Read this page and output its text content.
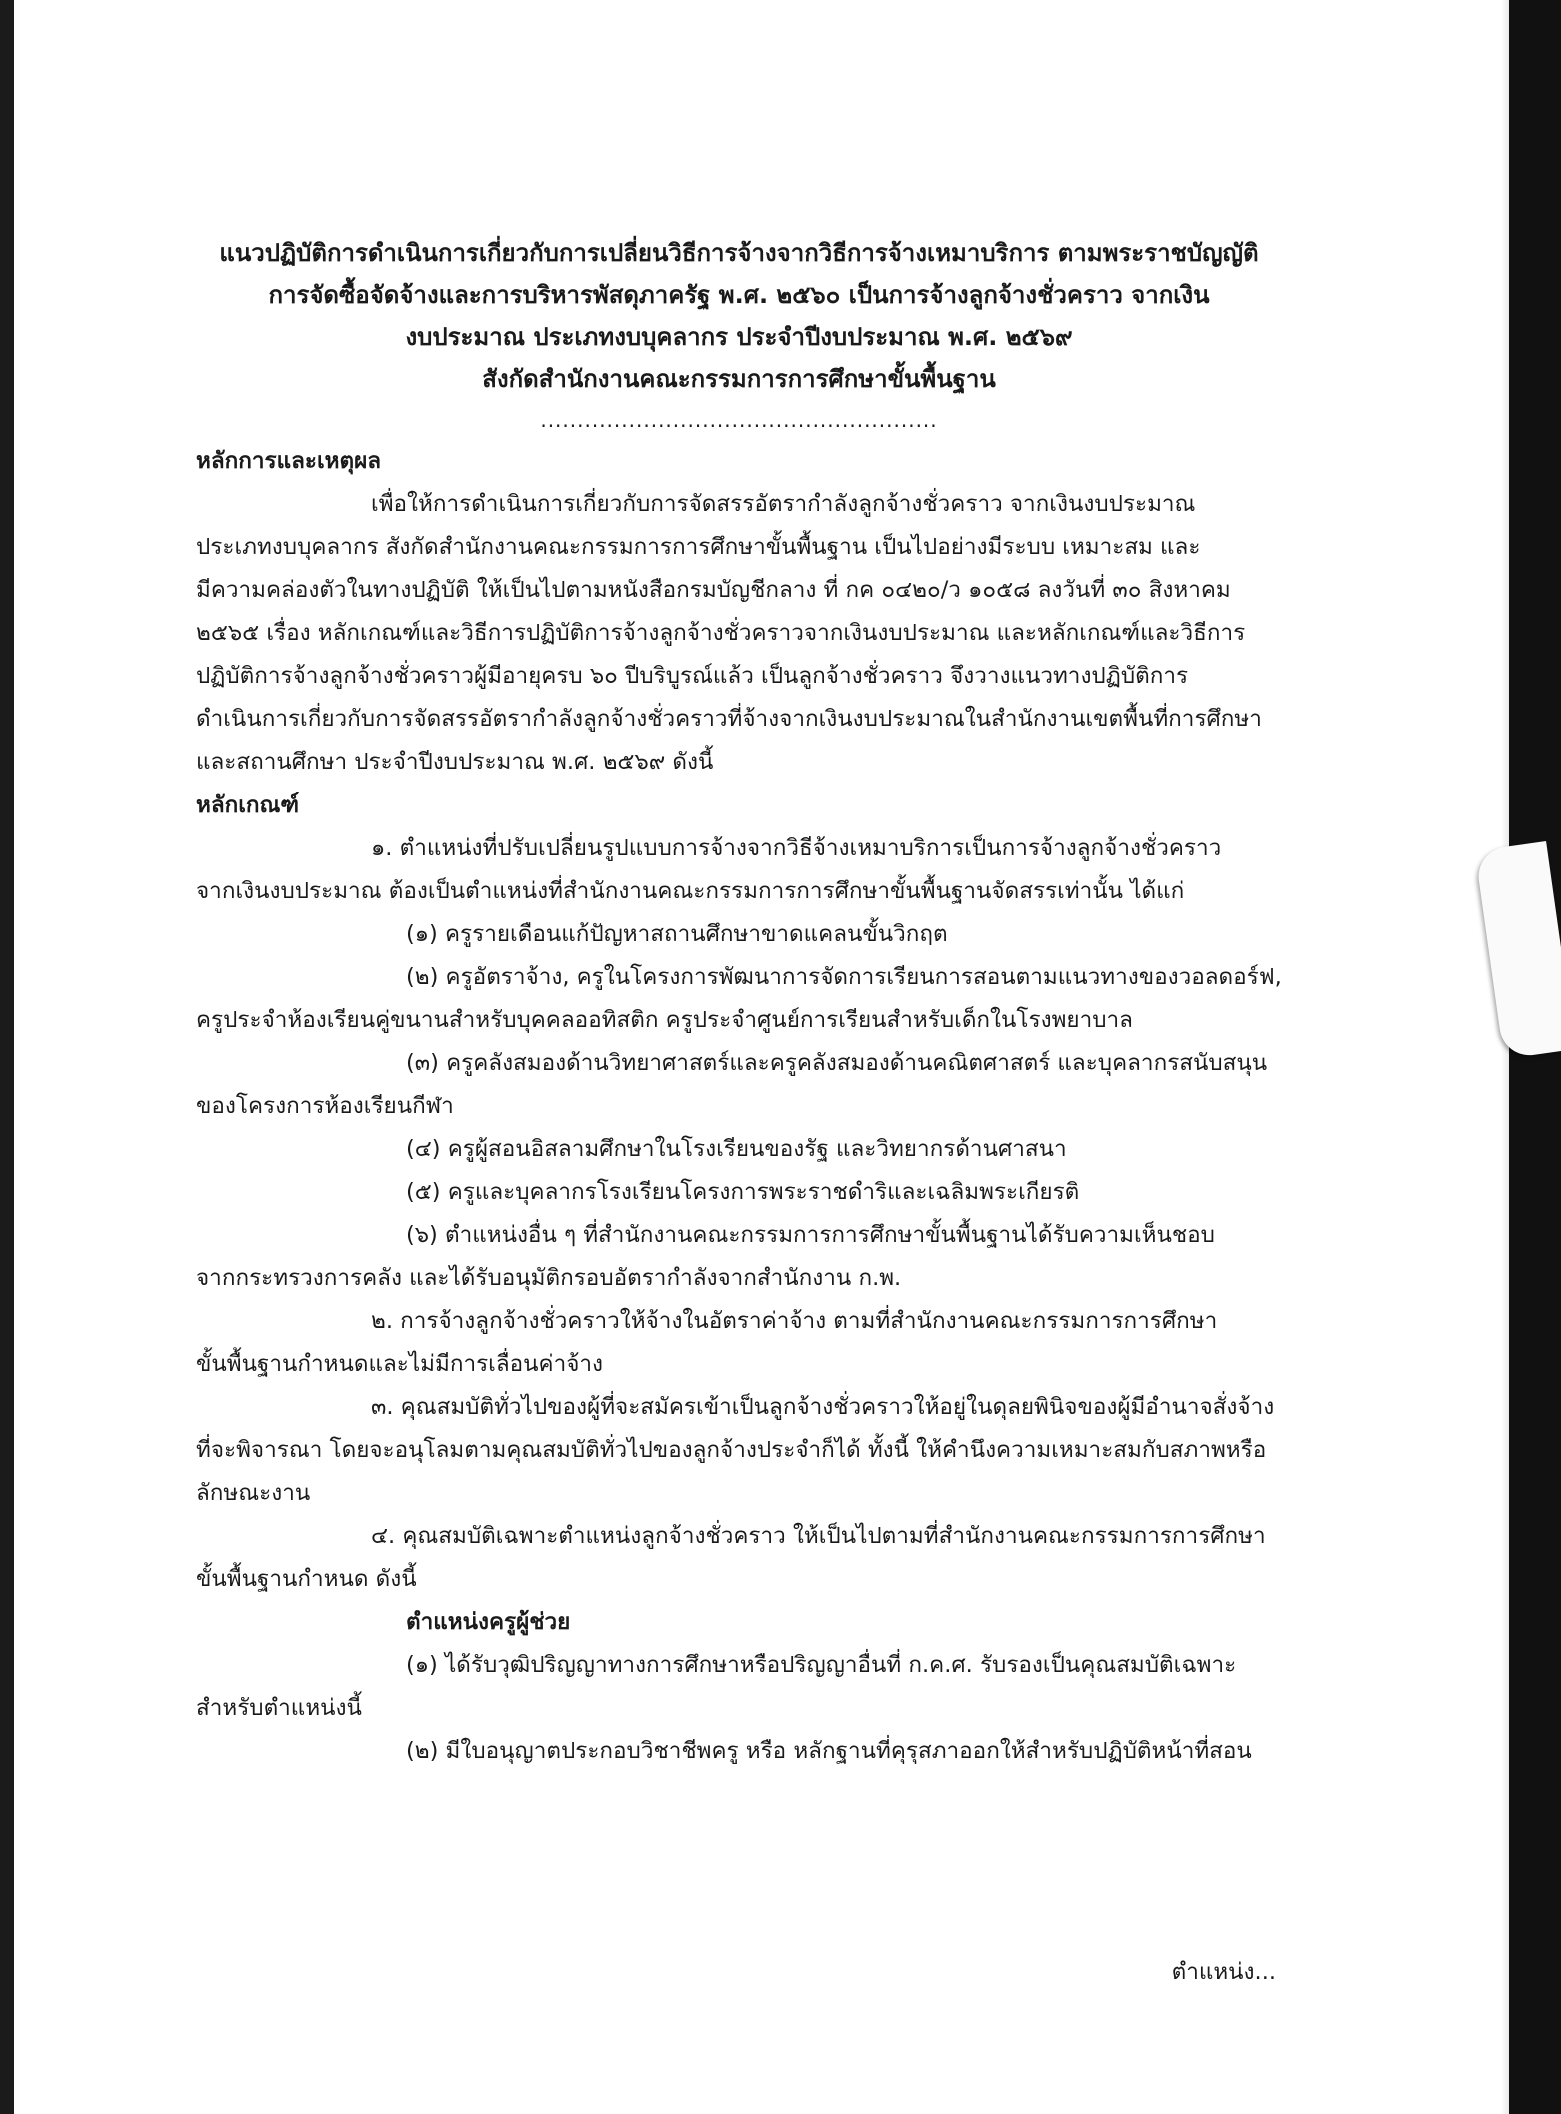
แนวปฏิบัติการดำเนินการเกี่ยวกับการเปลี่ยนวิธีการจ้างจากวิธีการจ้างเหมาบริการ ตามพระราชบัญญัติ
การจัดซื้อจัดจ้างและการบริหารพัสดุภาครัฐ พ.ศ. ๒๕๖๐ เป็นการจ้างลูกจ้างชั่วคราว จากเงิน
งบประมาณ ประเภทงบบุคลากร ประจำปีงบประมาณ พ.ศ. ๒๕๖๙
สังกัดสำนักงานคณะกรรมการการศึกษาขั้นพื้นฐาน
......................................................
หลักการและเหตุผล
เพื่อให้การดำเนินการเกี่ยวกับการจัดสรรอัตรากำลังลูกจ้างชั่วคราว จากเงินงบประมาณ
ประเภทงบบุคลากร สังกัดสำนักงานคณะกรรมการการศึกษาขั้นพื้นฐาน เป็นไปอย่างมีระบบ เหมาะสม และ
มีความคล่องตัวในทางปฏิบัติ ให้เป็นไปตามหนังสือกรมบัญชีกลาง ที่ กค ๐๔๒๐/ว ๑๐๕๘ ลงวันที่ ๓๐ สิงหาคม
๒๕๖๕ เรื่อง หลักเกณฑ์และวิธีการปฏิบัติการจ้างลูกจ้างชั่วคราวจากเงินงบประมาณ และหลักเกณฑ์และวิธีการ
ปฏิบัติการจ้างลูกจ้างชั่วคราวผู้มีอายุครบ ๖๐ ปีบริบูรณ์แล้ว เป็นลูกจ้างชั่วคราว จึงวางแนวทางปฏิบัติการ
ดำเนินการเกี่ยวกับการจัดสรรอัตรากำลังลูกจ้างชั่วคราวที่จ้างจากเงินงบประมาณในสำนักงานเขตพื้นที่การศึกษา
และสถานศึกษา ประจำปีงบประมาณ พ.ศ. ๒๕๖๙ ดังนี้
หลักเกณฑ์
๑. ตำแหน่งที่ปรับเปลี่ยนรูปแบบการจ้างจากวิธีจ้างเหมาบริการเป็นการจ้างลูกจ้างชั่วคราว
จากเงินงบประมาณ ต้องเป็นตำแหน่งที่สำนักงานคณะกรรมการการศึกษาขั้นพื้นฐานจัดสรรเท่านั้น ได้แก่
(๑) ครูรายเดือนแก้ปัญหาสถานศึกษาขาดแคลนขั้นวิกฤต
(๒) ครูอัตราจ้าง, ครูในโครงการพัฒนาการจัดการเรียนการสอนตามแนวทางของวอลดอร์ฟ,
ครูประจำห้องเรียนคู่ขนานสำหรับบุคคลออทิสติก ครูประจำศูนย์การเรียนสำหรับเด็กในโรงพยาบาล
(๓) ครูคลังสมองด้านวิทยาศาสตร์และครูคลังสมองด้านคณิตศาสตร์ และบุคลากรสนับสนุน
ของโครงการห้องเรียนกีฬา
(๔) ครูผู้สอนอิสลามศึกษาในโรงเรียนของรัฐ และวิทยากรด้านศาสนา
(๕) ครูและบุคลากรโรงเรียนโครงการพระราชดำริและเฉลิมพระเกียรติ
(๖) ตำแหน่งอื่น ๆ ที่สำนักงานคณะกรรมการการศึกษาขั้นพื้นฐานได้รับความเห็นชอบ
จากกระทรวงการคลัง และได้รับอนุมัติกรอบอัตรากำลังจากสำนักงาน ก.พ.
๒. การจ้างลูกจ้างชั่วคราวให้จ้างในอัตราค่าจ้าง ตามที่สำนักงานคณะกรรมการการศึกษา
ขั้นพื้นฐานกำหนดและไม่มีการเลื่อนค่าจ้าง
๓. คุณสมบัติทั่วไปของผู้ที่จะสมัครเข้าเป็นลูกจ้างชั่วคราวให้อยู่ในดุลยพินิจของผู้มีอำนาจสั่งจ้าง
ที่จะพิจารณา โดยจะอนุโลมตามคุณสมบัติทั่วไปของลูกจ้างประจำก็ได้ ทั้งนี้ ให้คำนึงความเหมาะสมกับสภาพหรือ
ลักษณะงาน
๔. คุณสมบัติเฉพาะตำแหน่งลูกจ้างชั่วคราว ให้เป็นไปตามที่สำนักงานคณะกรรมการการศึกษา
ขั้นพื้นฐานกำหนด ดังนี้
ตำแหน่งครูผู้ช่วย
(๑) ได้รับวุฒิปริญญาทางการศึกษาหรือปริญญาอื่นที่ ก.ค.ศ. รับรองเป็นคุณสมบัติเฉพาะ
สำหรับตำแหน่งนี้
(๒) มีใบอนุญาตประกอบวิชาชีพครู หรือ หลักฐานที่คุรุสภาออกให้สำหรับปฏิบัติหน้าที่สอน
ตำแหน่ง...
